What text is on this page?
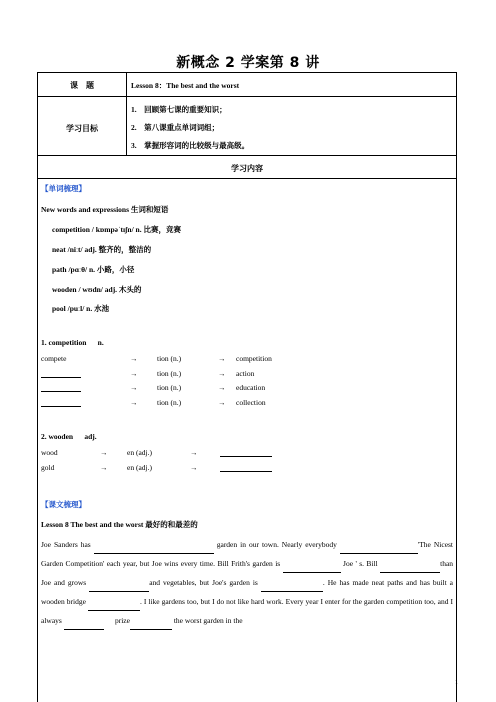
新概念 2 学案第 8 讲
课　题	Lesson 8：The best and the worst
学习目标
1.　回顾第七课的重要知识；
2.　第八课重点单词词组；
3.　掌握形容词的比较级与最高级。
学习内容
【单词梳理】
New words and expressions 生词和短语
competition / kɒmpəˈtɪʃn/ n. 比赛，竞赛
neat /niːt/ adj. 整齐的，整洁的
path /pɑːθ/ n. 小路，小径
wooden / wʊdn/ adj. 木头的
pool /puːl/ n. 水池
1. competition n.
compete	→	tion (n.)	→ competition
→	tion (n.)	→ action
→	tion (n.)	→ education
→	tion (n.)	→ collection
2. wooden adj.
wood	→	en (adj.)	→
gold	→	en (adj.)	→
【课文梳理】
Lesson 8 The best and the worst 最好的和最差的
Joe Sanders has	garden in our town. Nearly everybody	'The Nicest Garden Competition' each year, but Joe wins every time. Bill Frith's garden is	Joe ' s. Bill	than Joe and grows	and vegetables, but Joe's garden is	. He has made neat paths and has built a wooden bridge	. I like gardens too, but I do not like hard work. Every year I enter for the garden competition too, and I always	prize	the worst garden in the
1
